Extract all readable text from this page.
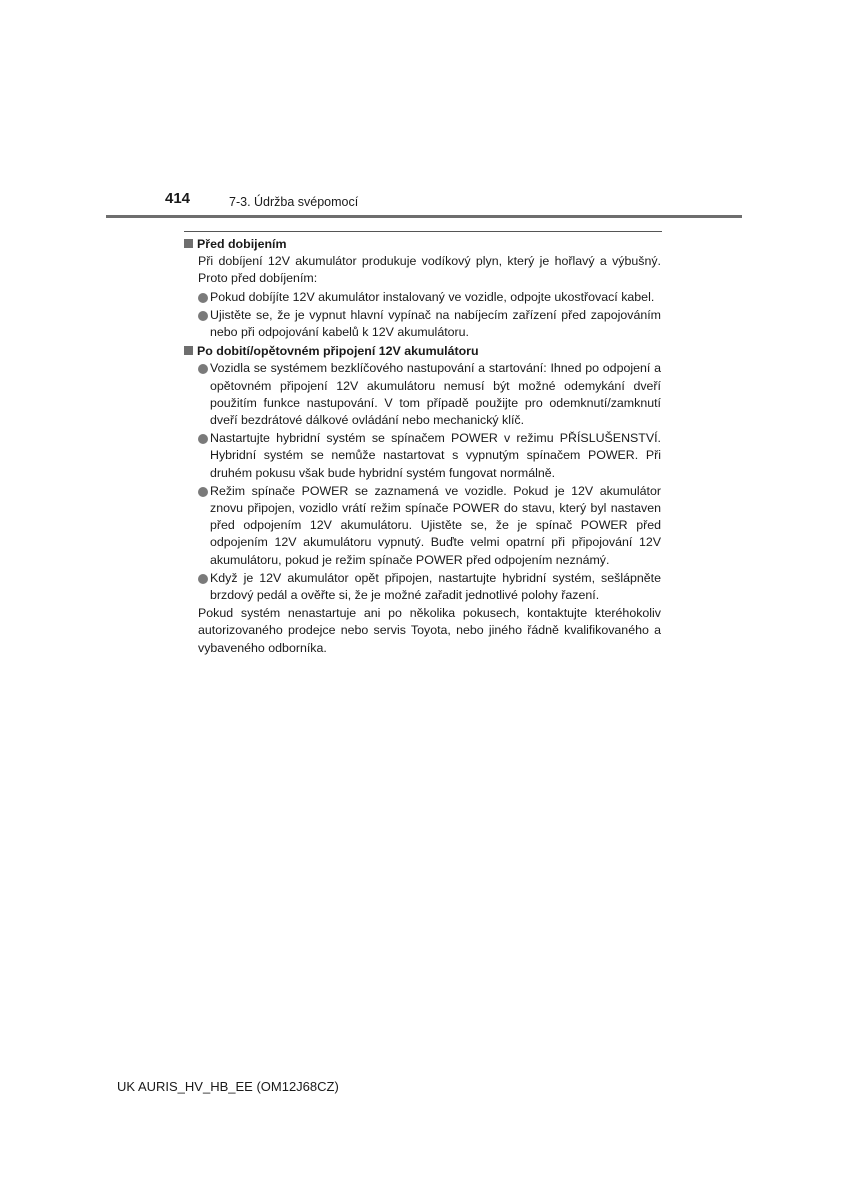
414	7-3. Údržba svépomocí

Před dobijením

Při dobíjení 12V akumulátor produkuje vodíkový plyn, který je hořlavý a výbušný. Proto před dobíjením:

Pokud dobíjíte 12V akumulátor instalovaný ve vozidle, odpojte ukostřovací kabel.
Ujistěte se, že je vypnut hlavní vypínač na nabíjecím zařízení před zapojováním nebo při odpojování kabelů k 12V akumulátoru.

Po dobití/opětovném připojení 12V akumulátoru

Vozidla se systémem bezklíčového nastupování a startování: Ihned po odpojení a opětovném připojení 12V akumulátoru nemusí být možné odemykání dveří použitím funkce nastupování. V tom případě použijte pro odemknutí/zamknutí dveří bezdrátové dálkové ovládání nebo mechanický klíč.
Nastartujte hybridní systém se spínačem POWER v režimu PŘÍSLUŠENSTVÍ. Hybridní systém se nemůže nastartovat s vypnutým spínačem POWER. Při druhém pokusu však bude hybridní systém fungovat normálně.
Režim spínače POWER se zaznamená ve vozidle. Pokud je 12V akumulátor znovu připojen, vozidlo vrátí režim spínače POWER do stavu, který byl nastaven před odpojením 12V akumulátoru. Ujistěte se, že je spínač POWER před odpojením 12V akumulátoru vypnutý. Buďte velmi opatrní při připojování 12V akumulátoru, pokud je režim spínače POWER před odpojením neznámý.
Když je 12V akumulátor opět připojen, nastartujte hybridní systém, sešlápněte brzdový pedál a ověřte si, že je možné zařadit jednotlivé polohy řazení.

Pokud systém nenastartuje ani po několika pokusech, kontaktujte kteréhokoliv autorizovaného prodejce nebo servis Toyota, nebo jiného řádně kvalifikovaného a vybaveného odborníka.

UK AURIS_HV_HB_EE (OM12J68CZ)
